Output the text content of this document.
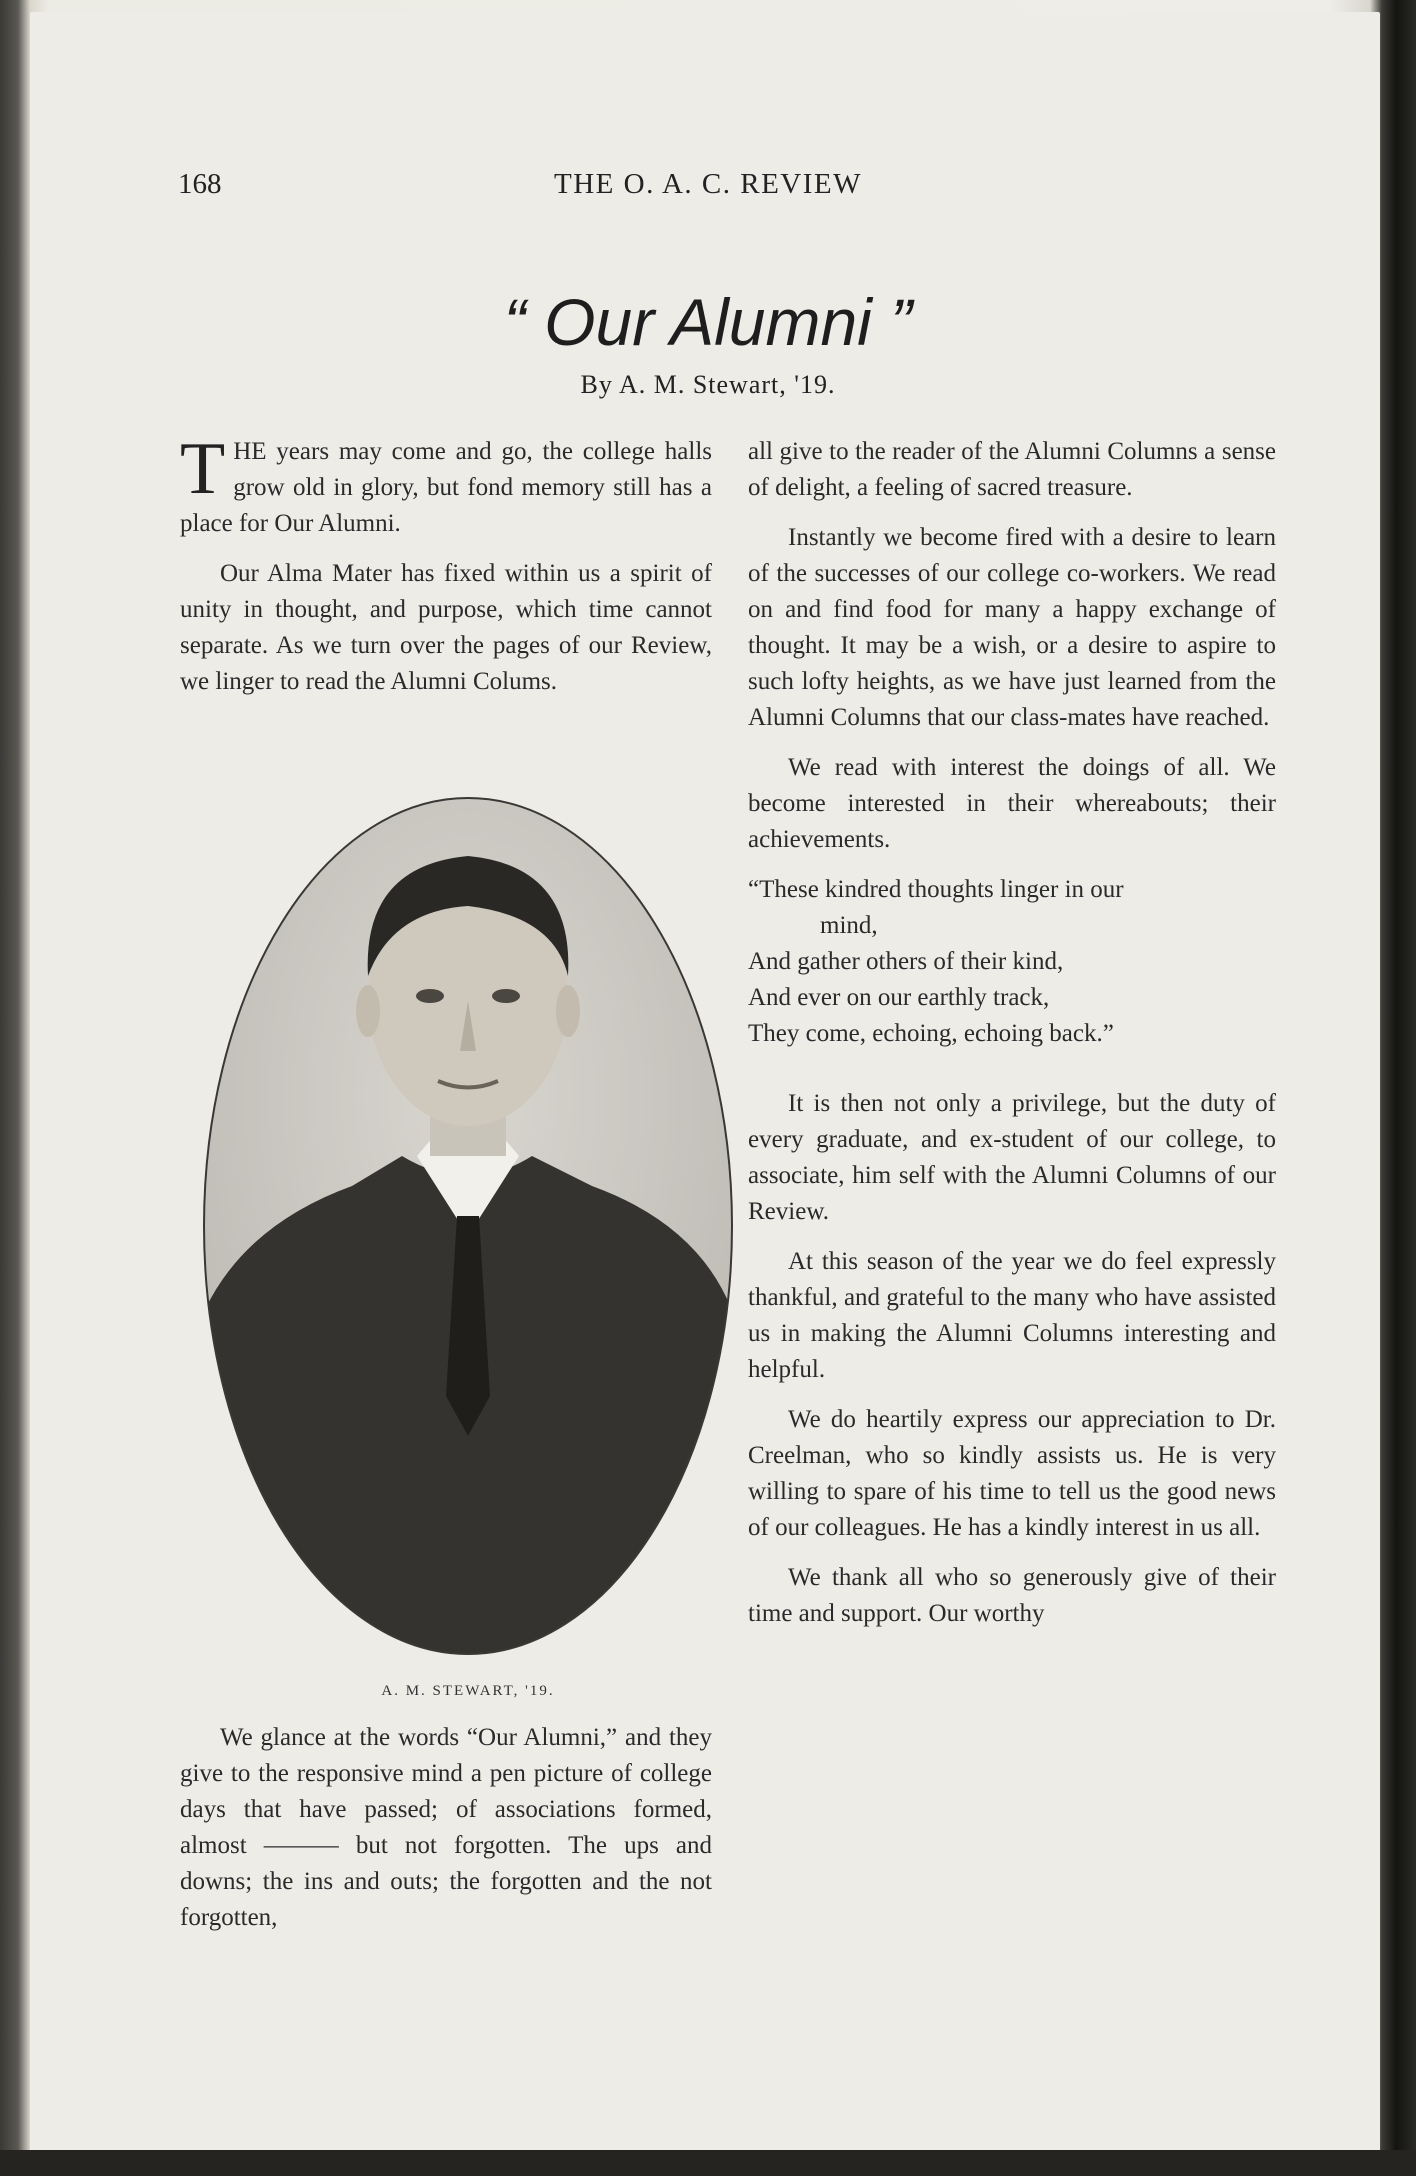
168	THE O. A. C. REVIEW
“ Our Alumni ”
By A. M. Stewart, '19.

THE years may come and go, the college halls grow old in glory, but fond memory still has a place for Our Alumni.

Our Alma Mater has fixed within us a spirit of unity in thought, and purpose, which time cannot separate. As we turn over the pages of our Review, we linger to read the Alumni Colums.

A. M. STEWART, '19.

We glance at the words “Our Alumni,” and they give to the responsive mind a pen picture of college days that have passed; of associations formed, almost ——— but not forgotten. The ups and downs; the ins and outs; the forgotten and the not forgotten,

all give to the reader of the Alumni Columns a sense of delight, a feeling of sacred treasure.

Instantly we become fired with a desire to learn of the successes of our college co-workers. We read on and find food for many a happy exchange of thought. It may be a wish, or a desire to aspire to such lofty heights, as we have just learned from the Alumni Columns that our class-mates have reached.

We read with interest the doings of all. We become interested in their whereabouts; their achievements.

“These kindred thoughts linger in our
mind,
And gather others of their kind,
And ever on our earthly track,
They come, echoing, echoing back.”

It is then not only a privilege, but the duty of every graduate, and ex-student of our college, to associate, him self with the Alumni Columns of our Review.

At this season of the year we do feel expressly thankful, and grateful to the many who have assisted us in making the Alumni Columns interesting and helpful.

We do heartily express our appreciation to Dr. Creelman, who so kindly assists us. He is very willing to spare of his time to tell us the good news of our colleagues. He has a kindly interest in us all.

We thank all who so generously give of their time and support. Our worthy
